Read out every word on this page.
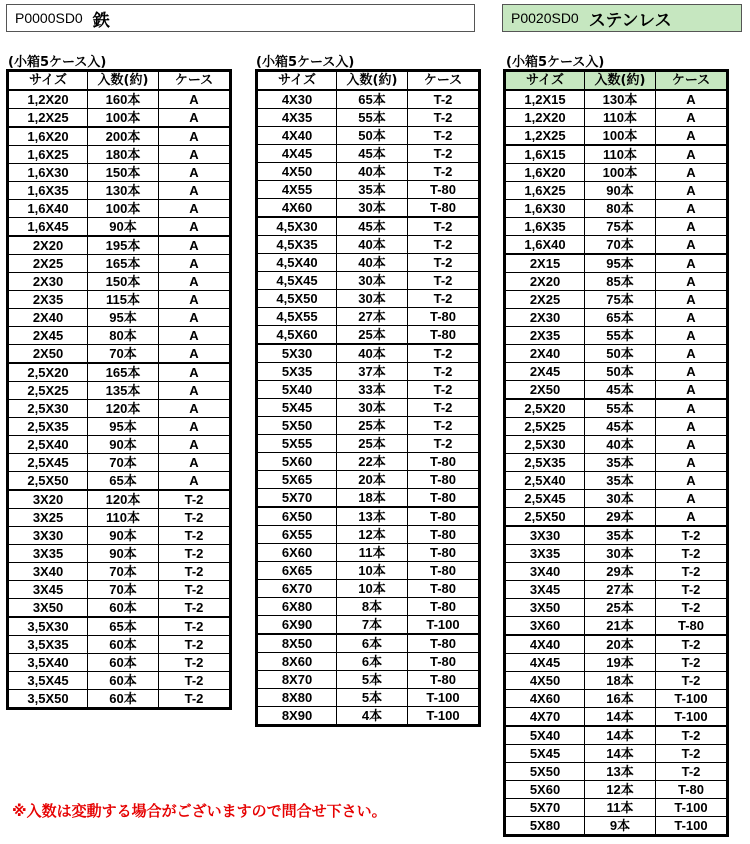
P0000SD0 鉄	P0020SD0 ステンレス
(小箱5ケース入)	(小箱5ケース入)	(小箱5ケース入)
サイズ	入数(約)	ケース
1,2X20	160本	A
1,2X25	100本	A
1,6X20	200本	A
1,6X25	180本	A
1,6X30	150本	A
1,6X35	130本	A
1,6X40	100本	A
1,6X45	90本	A
2X20	195本	A
2X25	165本	A
2X30	150本	A
2X35	115本	A
2X40	95本	A
2X45	80本	A
2X50	70本	A
2,5X20	165本	A
2,5X25	135本	A
2,5X30	120本	A
2,5X35	95本	A
2,5X40	90本	A
2,5X45	70本	A
2,5X50	65本	A
3X20	120本	T-2
3X25	110本	T-2
3X30	90本	T-2
3X35	90本	T-2
3X40	70本	T-2
3X45	70本	T-2
3X50	60本	T-2
3,5X30	65本	T-2
3,5X35	60本	T-2
3,5X40	60本	T-2
3,5X45	60本	T-2
3,5X50	60本	T-2
サイズ	入数(約)	ケース
4X30	65本	T-2
4X35	55本	T-2
4X40	50本	T-2
4X45	45本	T-2
4X50	40本	T-2
4X55	35本	T-80
4X60	30本	T-80
4,5X30	45本	T-2
4,5X35	40本	T-2
4,5X40	40本	T-2
4,5X45	30本	T-2
4,5X50	30本	T-2
4,5X55	27本	T-80
4,5X60	25本	T-80
5X30	40本	T-2
5X35	37本	T-2
5X40	33本	T-2
5X45	30本	T-2
5X50	25本	T-2
5X55	25本	T-2
5X60	22本	T-80
5X65	20本	T-80
5X70	18本	T-80
6X50	13本	T-80
6X55	12本	T-80
6X60	11本	T-80
6X65	10本	T-80
6X70	10本	T-80
6X80	8本	T-80
6X90	7本	T-100
8X50	6本	T-80
8X60	6本	T-80
8X70	5本	T-80
8X80	5本	T-100
8X90	4本	T-100
サイズ	入数(約)	ケース
1,2X15	130本	A
1,2X20	110本	A
1,2X25	100本	A
1,6X15	110本	A
1,6X20	100本	A
1,6X25	90本	A
1,6X30	80本	A
1,6X35	75本	A
1,6X40	70本	A
2X15	95本	A
2X20	85本	A
2X25	75本	A
2X30	65本	A
2X35	55本	A
2X40	50本	A
2X45	50本	A
2X50	45本	A
2,5X20	55本	A
2,5X25	45本	A
2,5X30	40本	A
2,5X35	35本	A
2,5X40	35本	A
2,5X45	30本	A
2,5X50	29本	A
3X30	35本	T-2
3X35	30本	T-2
3X40	29本	T-2
3X45	27本	T-2
3X50	25本	T-2
3X60	21本	T-80
4X40	20本	T-2
4X45	19本	T-2
4X50	18本	T-2
4X60	16本	T-100
4X70	14本	T-100
5X40	14本	T-2
5X45	14本	T-2
5X50	13本	T-2
5X60	12本	T-80
5X70	11本	T-100
5X80	9本	T-100
※入数は変動する場合がございますので問合せ下さい。
